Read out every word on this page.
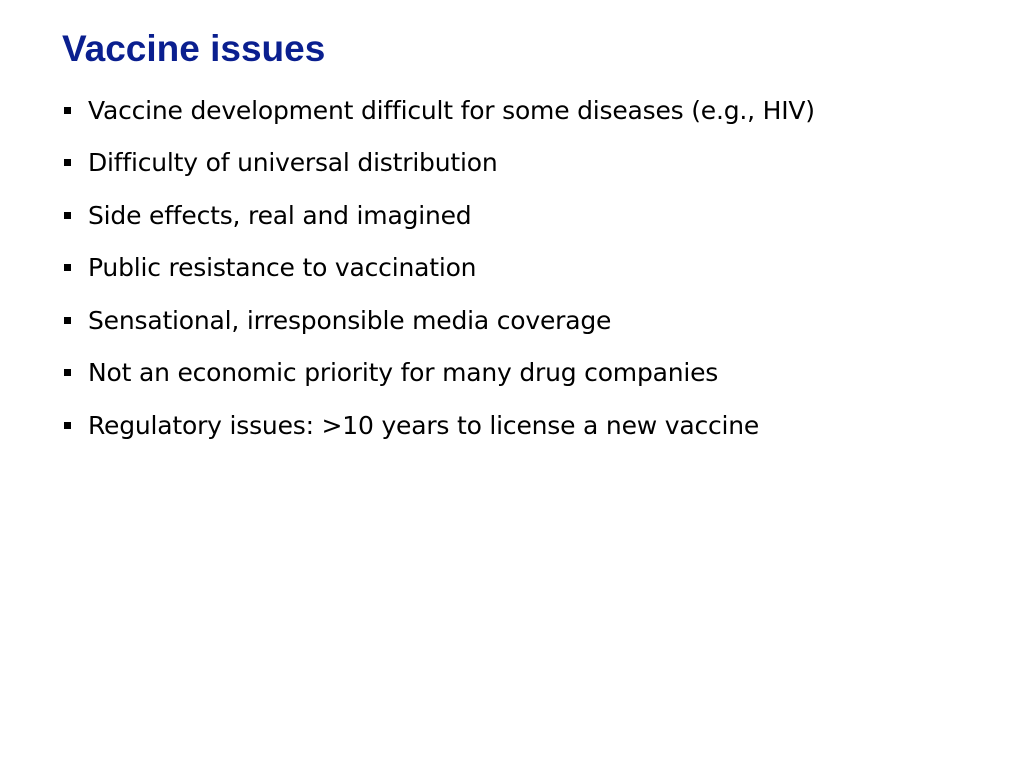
Vaccine issues
Vaccine development difficult for some diseases (e.g., HIV)
Difficulty of universal distribution
Side effects, real and imagined
Public resistance to vaccination
Sensational, irresponsible media coverage
Not an economic priority for many drug companies
Regulatory issues: >10 years to license a new vaccine
